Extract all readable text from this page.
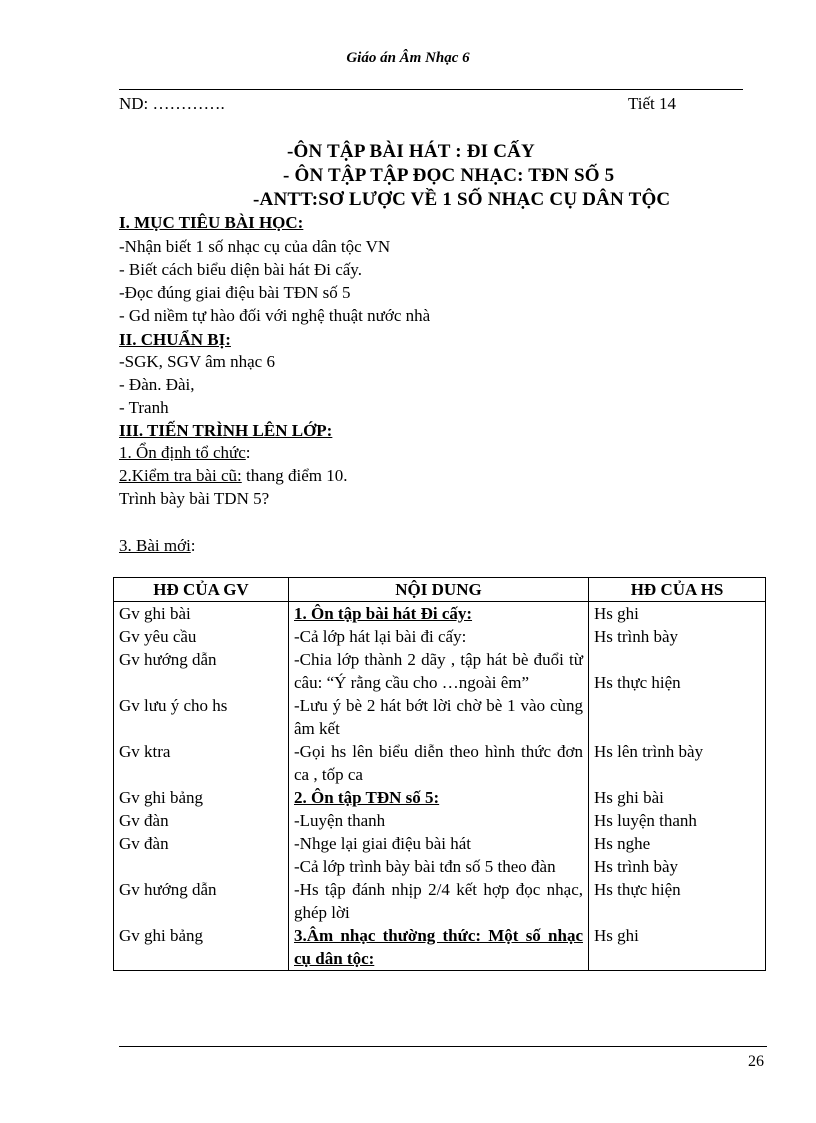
Giáo án Âm Nhạc 6
ND: ………….	Tiết 14
-ÔN TẬP BÀI HÁT : ĐI CẤY
- ÔN TẬP TẬP ĐỌC NHẠC: TĐN SỐ 5
-ANTT:SƠ LƯỢC VỀ 1 SỐ NHẠC CỤ DÂN TỘC
I. MỤC TIÊU BÀI HỌC:
-Nhận biết 1 số nhạc cụ của dân tộc VN
- Biết cách biểu diện bài hát Đi cấy.
-Đọc đúng giai điệu bài TĐN số 5
- Gd niềm tự hào đối với nghệ thuật nước nhà
II. CHUẨN BỊ:
-SGK, SGV âm nhạc 6
- Đàn. Đài,
- Tranh
III. TIẾN TRÌNH LÊN LỚP:
1. Ổn định tổ chức:
2.Kiểm tra bài cũ: thang điểm 10.
Trình bày bài TDN 5?
3. Bài mới:
HĐ CỦA GV	NỘI DUNG	HĐ CỦA HS
Gv ghi bài	1. Ôn tập bài hát Đi cấy:	Hs ghi
Gv yêu cầu	-Cả lớp hát lại bài đi cấy:	Hs trình bày
Gv hướng dẫn	-Chia lớp thành 2 dãy , tập hát bè đuổi từ câu: “Ý rằng cầu cho …ngoài êm”	Hs thực hiện
Gv lưu ý cho hs	-Lưu ý bè 2 hát bớt lời chờ bè 1 vào cùng âm kết	
Gv ktra	-Gọi hs lên biểu diễn theo hình thức đơn ca , tốp ca	Hs lên trình bày
Gv ghi bảng	2. Ôn tập TĐN số 5:	Hs ghi bài
Gv đàn	-Luyện thanh	Hs luyện thanh
Gv đàn	-Nhge lại giai điệu bài hát	Hs nghe
	-Cả lớp trình bày bài tđn số 5 theo đàn	Hs trình bày
Gv hướng dẫn	-Hs tập đánh nhịp 2/4 kết hợp đọc nhạc, ghép lời	Hs thực hiện
Gv ghi bảng	3.Âm nhạc thường thức: Một số nhạc cụ dân tộc:	Hs ghi
26
